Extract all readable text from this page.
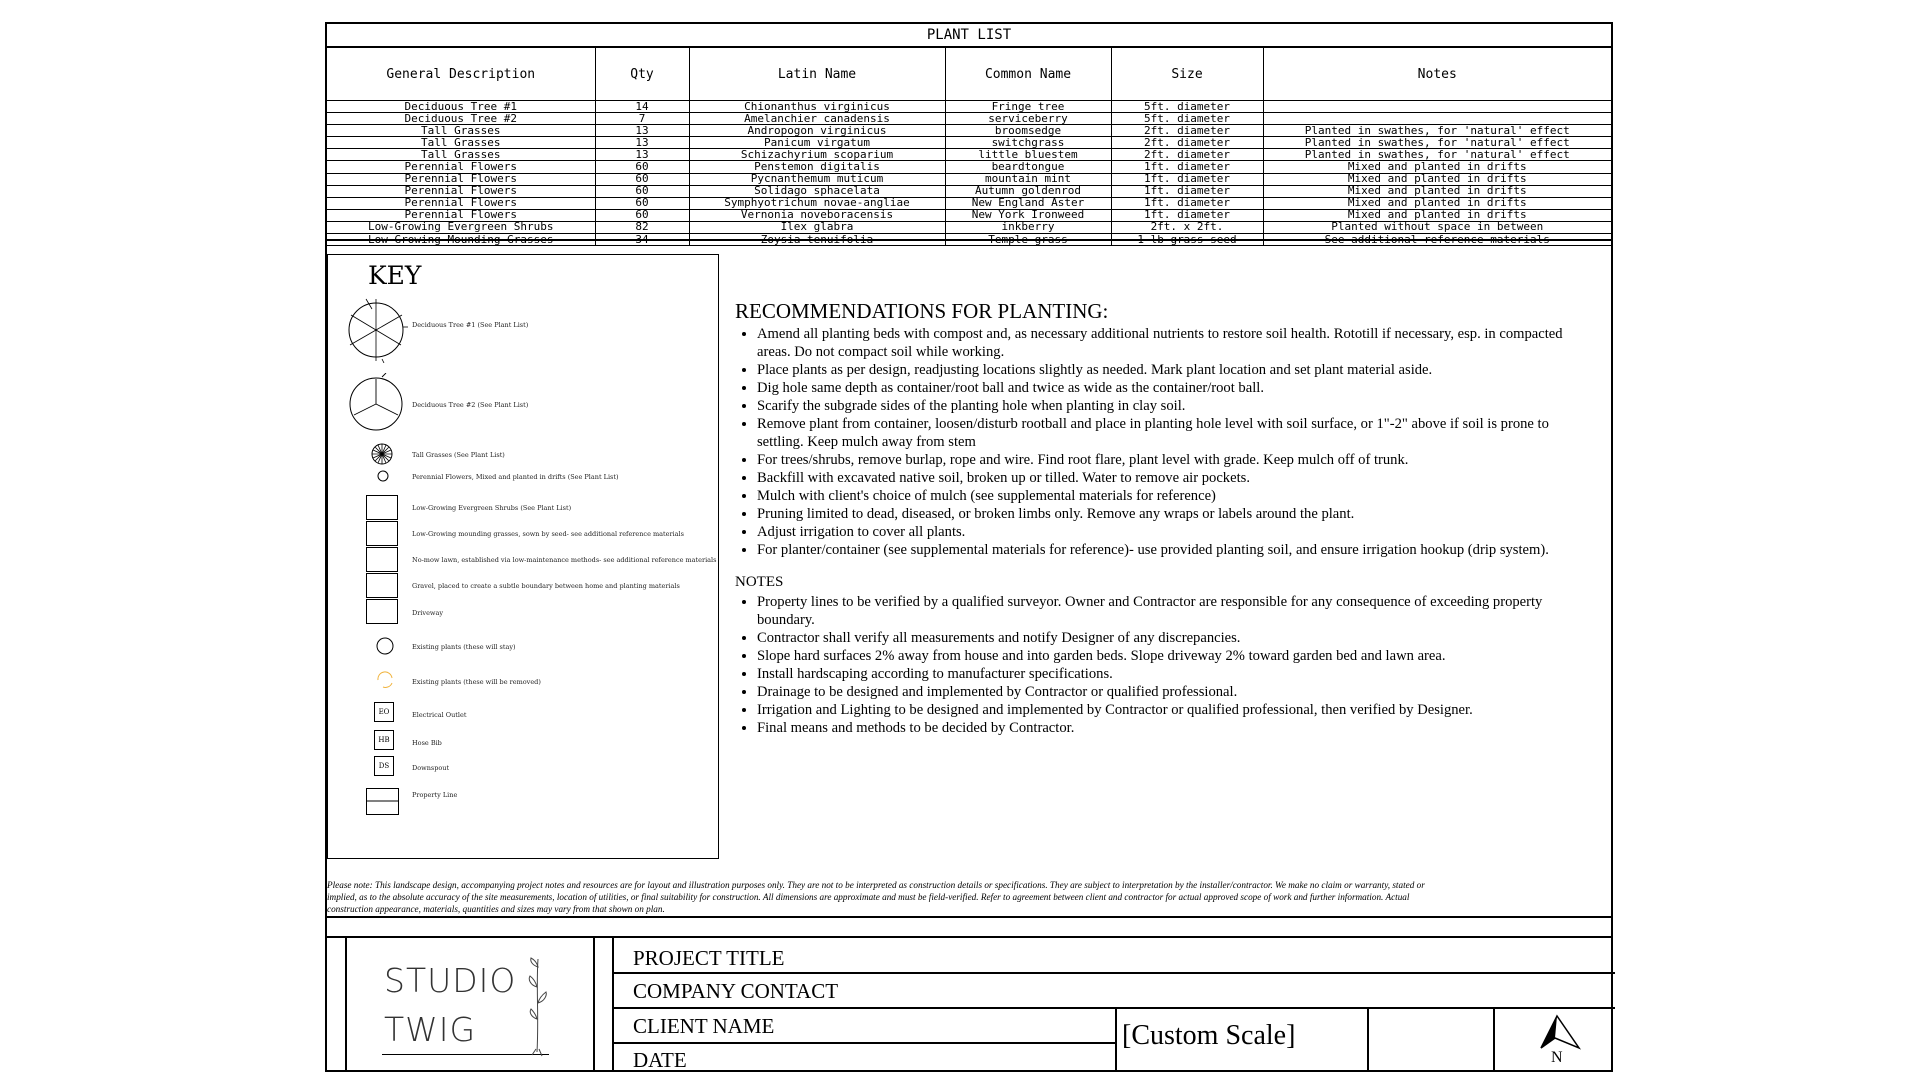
PLANT LIST
General Description	Qty	Latin Name	Common Name	Size	Notes
Deciduous Tree #1	14	Chionanthus virginicus	Fringe tree	5ft. diameter	
Deciduous Tree #2	7	Amelanchier canadensis	serviceberry	5ft. diameter	
Tall Grasses	13	Andropogon virginicus	broomsedge	2ft. diameter	Planted in swathes, for 'natural' effect
Tall Grasses	13	Panicum virgatum	switchgrass	2ft. diameter	Planted in swathes, for 'natural' effect
Tall Grasses	13	Schizachyrium scoparium	little bluestem	2ft. diameter	Planted in swathes, for 'natural' effect
Perennial Flowers	60	Penstemon digitalis	beardtongue	1ft. diameter	Mixed and planted in drifts
Perennial Flowers	60	Pycnanthemum muticum	mountain mint	1ft. diameter	Mixed and planted in drifts
Perennial Flowers	60	Solidago sphacelata	Autumn goldenrod	1ft. diameter	Mixed and planted in drifts
Perennial Flowers	60	Symphyotrichum novae-angliae	New England Aster	1ft. diameter	Mixed and planted in drifts
Perennial Flowers	60	Vernonia noveboracensis	New York Ironweed	1ft. diameter	Mixed and planted in drifts
Low-Growing Evergreen Shrubs	82	Ilex glabra	inkberry	2ft. x 2ft.	Planted without space in between
Low-Growing Mounding Grasses	34	Zoysia tenuifolia	Temple grass	1 lb grass seed	See additional reference materials
KEY
Deciduous Tree #1 (See Plant List)
Deciduous Tree #2 (See Plant List)
Tall Grasses (See Plant List)
Perennial Flowers, Mixed and planted in drifts (See Plant List)
Low-Growing Evergreen Shrubs (See Plant List)
Low-Growing mounding grasses, sown by seed- see additional reference materials
No-mow lawn, established via low-maintenance methods- see additional reference materials
Gravel, placed to create a subtle boundary between home and planting materials
Driveway
Existing plants (these will stay)
Existing plants (these will be removed)
EO	Electrical Outlet
HB	Hose Bib
DS	Downspout
Property Line
RECOMMENDATIONS FOR PLANTING:
• Amend all planting beds with compost and, as necessary additional nutrients to restore soil health. Rototill if necessary, esp. in compacted areas. Do not compact soil while working.
• Place plants as per design, readjusting locations slightly as needed. Mark plant location and set plant material aside.
• Dig hole same depth as container/root ball and twice as wide as the container/root ball.
• Scarify the subgrade sides of the planting hole when planting in clay soil.
• Remove plant from container, loosen/disturb rootball and place in planting hole level with soil surface, or 1"-2" above if soil is prone to settling. Keep mulch away from stem
• For trees/shrubs, remove burlap, rope and wire. Find root flare, plant level with grade. Keep mulch off of trunk.
• Backfill with excavated native soil, broken up or tilled. Water to remove air pockets.
• Mulch with client's choice of mulch (see supplemental materials for reference)
• Pruning limited to dead, diseased, or broken limbs only. Remove any wraps or labels around the plant.
• Adjust irrigation to cover all plants.
• For planter/container (see supplemental materials for reference)- use provided planting soil, and ensure irrigation hookup (drip system).
NOTES
• Property lines to be verified by a qualified surveyor. Owner and Contractor are responsible for any consequence of exceeding property boundary.
• Contractor shall verify all measurements and notify Designer of any discrepancies.
• Slope hard surfaces 2% away from house and into garden beds. Slope driveway 2% toward garden bed and lawn area.
• Install hardscaping according to manufacturer specifications.
• Drainage to be designed and implemented by Contractor or qualified professional.
• Irrigation and Lighting to be designed and implemented by Contractor or qualified professional, then verified by Designer.
• Final means and methods to be decided by Contractor.
Please note: This landscape design, accompanying project notes and resources are for layout and illustration purposes only. They are not to be interpreted as construction details or specifications. They are subject to interpretation by the installer/contractor. We make no claim or warranty, stated or implied, as to the absolute accuracy of the site measurements, location of utilities, or final suitability for construction. All dimensions are approximate and must be field-verified. Refer to agreement between client and contractor for actual approved scope of work and further information. Actual construction appearance, materials, quantities and sizes may vary from that shown on plan.
STUDIO
TWIG
PROJECT TITLE
COMPANY CONTACT
CLIENT NAME
DATE
[Custom Scale]
N
